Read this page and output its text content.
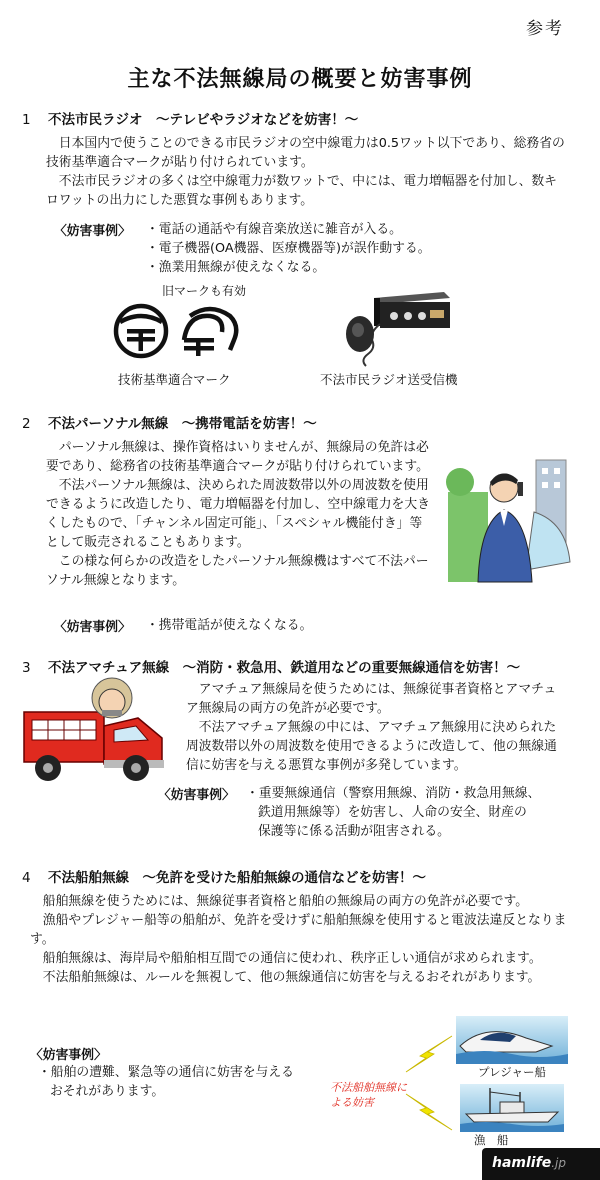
参考
主な不法無線局の概要と妨害事例
1 不法市民ラジオ　～テレビやラジオなどを妨害！～

日本国内で使うことのできる市民ラジオの空中線電力は0.5ワット以下であり、総務省の技術基準適合マークが貼り付けられています。

不法市民ラジオの多くは空中線電力が数ワットで、中には、電力増幅器を付加し、数キロワットの出力にした悪質な事例もあります。

〈妨害事例〉 ・電話の通話や有線音楽放送に雑音が入る。
・電子機器(OA機器、医療機器等)が誤作動する。
・漁業用無線が使えなくなる。
旧マークも有効
技術基準適合マーク	不法市民ラジオ送受信機
2 不法パーソナル無線　～携帯電話を妨害！～

パーソナル無線は、操作資格はいりませんが、無線局の免許は必要であり、総務省の技術基準適合マークが貼り付けられています。

不法パーソナル無線は、決められた周波数帯以外の周波数を使用できるように改造したり、電力増幅器を付加し、空中線電力を大きくしたもので、「チャンネル固定可能」、「スペシャル機能付き」等として販売されることもあります。

この様な何らかの改造をしたパーソナル無線機はすべて不法パーソナル無線となります。

〈妨害事例〉 ・携帯電話が使えなくなる。
3 不法アマチュア無線　～消防・救急用、鉄道用などの重要無線通信を妨害！～

アマチュア無線局を使うためには、無線従事者資格とアマチュア無線局の両方の免許が必要です。

不法アマチュア無線の中には、アマチュア無線用に決められた周波数帯以外の周波数を使用できるように改造して、他の無線通信に妨害を与える悪質な事例が多発しています。

〈妨害事例〉 ・重要無線通信（警察用無線、消防・救急用無線、
鉄道用無線等）を妨害し、人命の安全、財産の
保護等に係る活動が阻害される。
4 不法船舶無線　～免許を受けた船舶無線の通信などを妨害！～

船舶無線を使うためには、無線従事者資格と船舶の無線局の両方の免許が必要です。

漁船やプレジャー船等の船舶が、免許を受けずに船舶無線を使用すると電波法違反となります。

船舶無線は、海岸局や船舶相互間での通信に使われ、秩序正しい通信が求められます。

不法船舶無線は、ルールを無視して、他の無線通信に妨害を与えるおそれがあります。

〈妨害事例〉
・船舶の遭難、緊急等の通信に妨害を与える
おそれがあります。	不法船舶無線に
よる妨害
プレジャー船
漁　船
hamlife.jp
